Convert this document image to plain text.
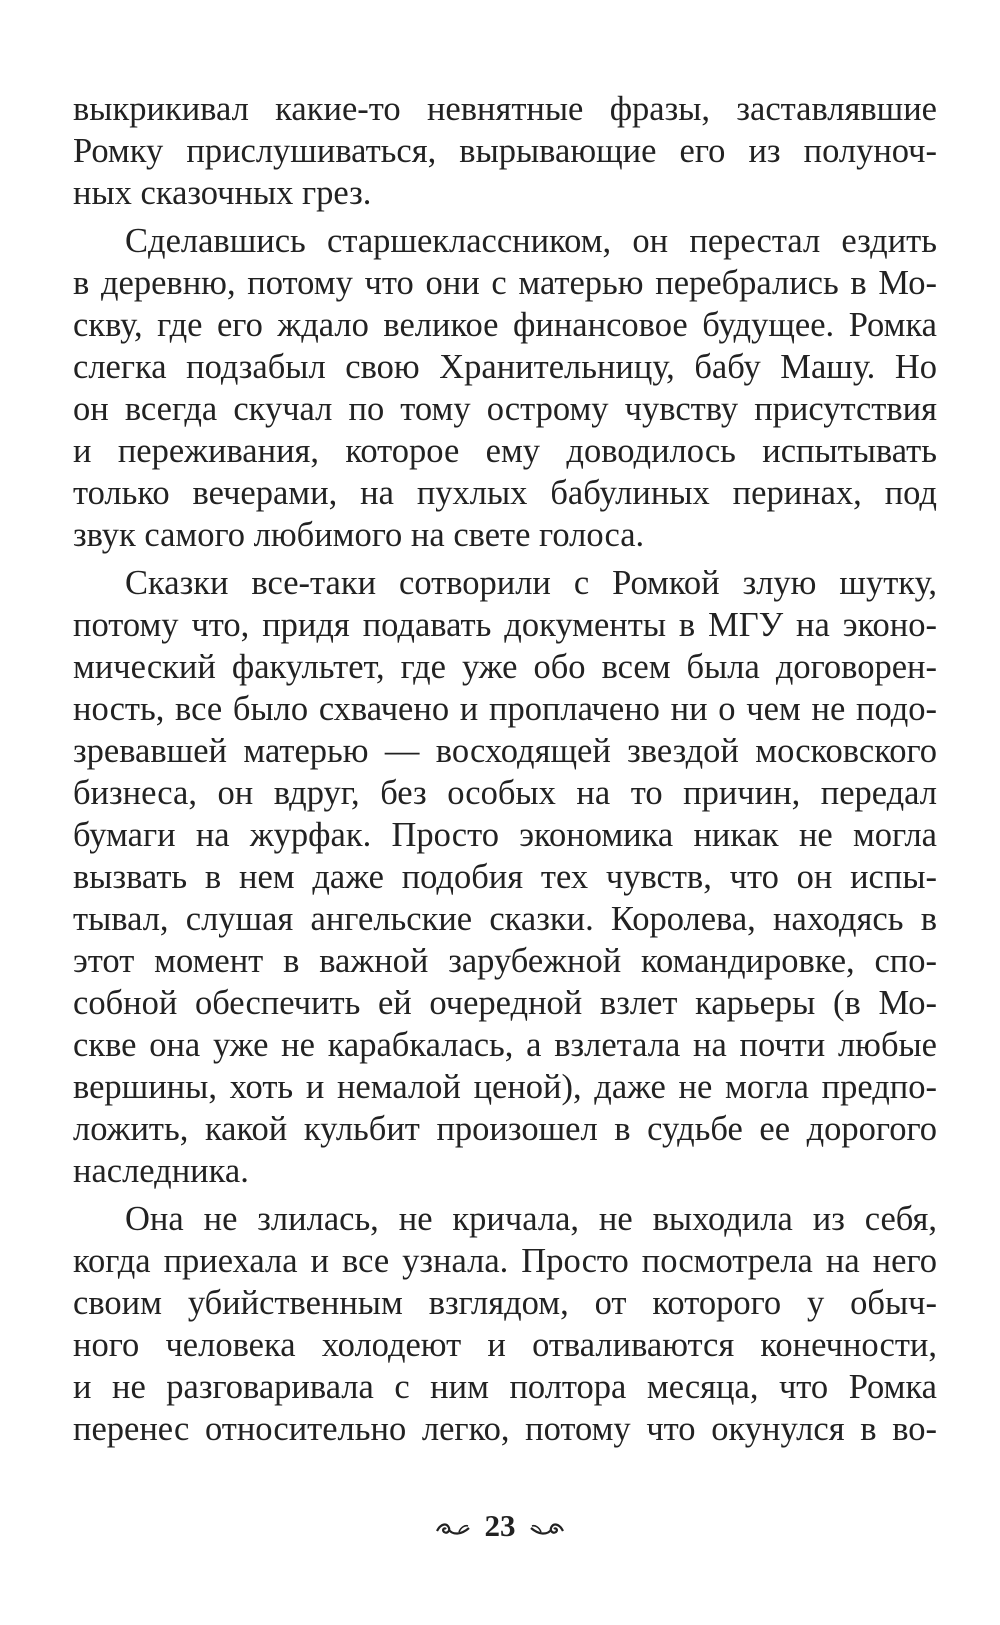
выкрикивал какие-то невнятные фразы, заставлявшие
Ромку прислушиваться, вырывающие его из полуноч-
ных сказочных грез.
Сделавшись старшеклассником, он перестал ездить
в деревню, потому что они с матерью перебрались в Мо-
скву, где его ждало великое финансовое будущее. Ромка
слегка подзабыл свою Хранительницу, бабу Машу. Но
он всегда скучал по тому острому чувству присутствия
и переживания, которое ему доводилось испытывать
только вечерами, на пухлых бабулиных перинах, под
звук самого любимого на свете голоса.
Сказки все-таки сотворили с Ромкой злую шутку,
потому что, придя подавать документы в МГУ на эконо-
мический факультет, где уже обо всем была договорен-
ность, все было схвачено и проплачено ни о чем не подо-
зревавшей матерью — восходящей звездой московского
бизнеса, он вдруг, без особых на то причин, передал
бумаги на журфак. Просто экономика никак не могла
вызвать в нем даже подобия тех чувств, что он испы-
тывал, слушая ангельские сказки. Королева, находясь в
этот момент в важной зарубежной командировке, спо-
собной обеспечить ей очередной взлет карьеры (в Мо-
скве она уже не карабкалась, а взлетала на почти любые
вершины, хоть и немалой ценой), даже не могла предпо-
ложить, какой кульбит произошел в судьбе ее дорогого
наследника.
Она не злилась, не кричала, не выходила из себя,
когда приехала и все узнала. Просто посмотрела на него
своим убийственным взглядом, от которого у обыч-
ного человека холодеют и отваливаются конечности,
и не разговаривала с ним полтора месяца, что Ромка
перенес относительно легко, потому что окунулся в во-
23
